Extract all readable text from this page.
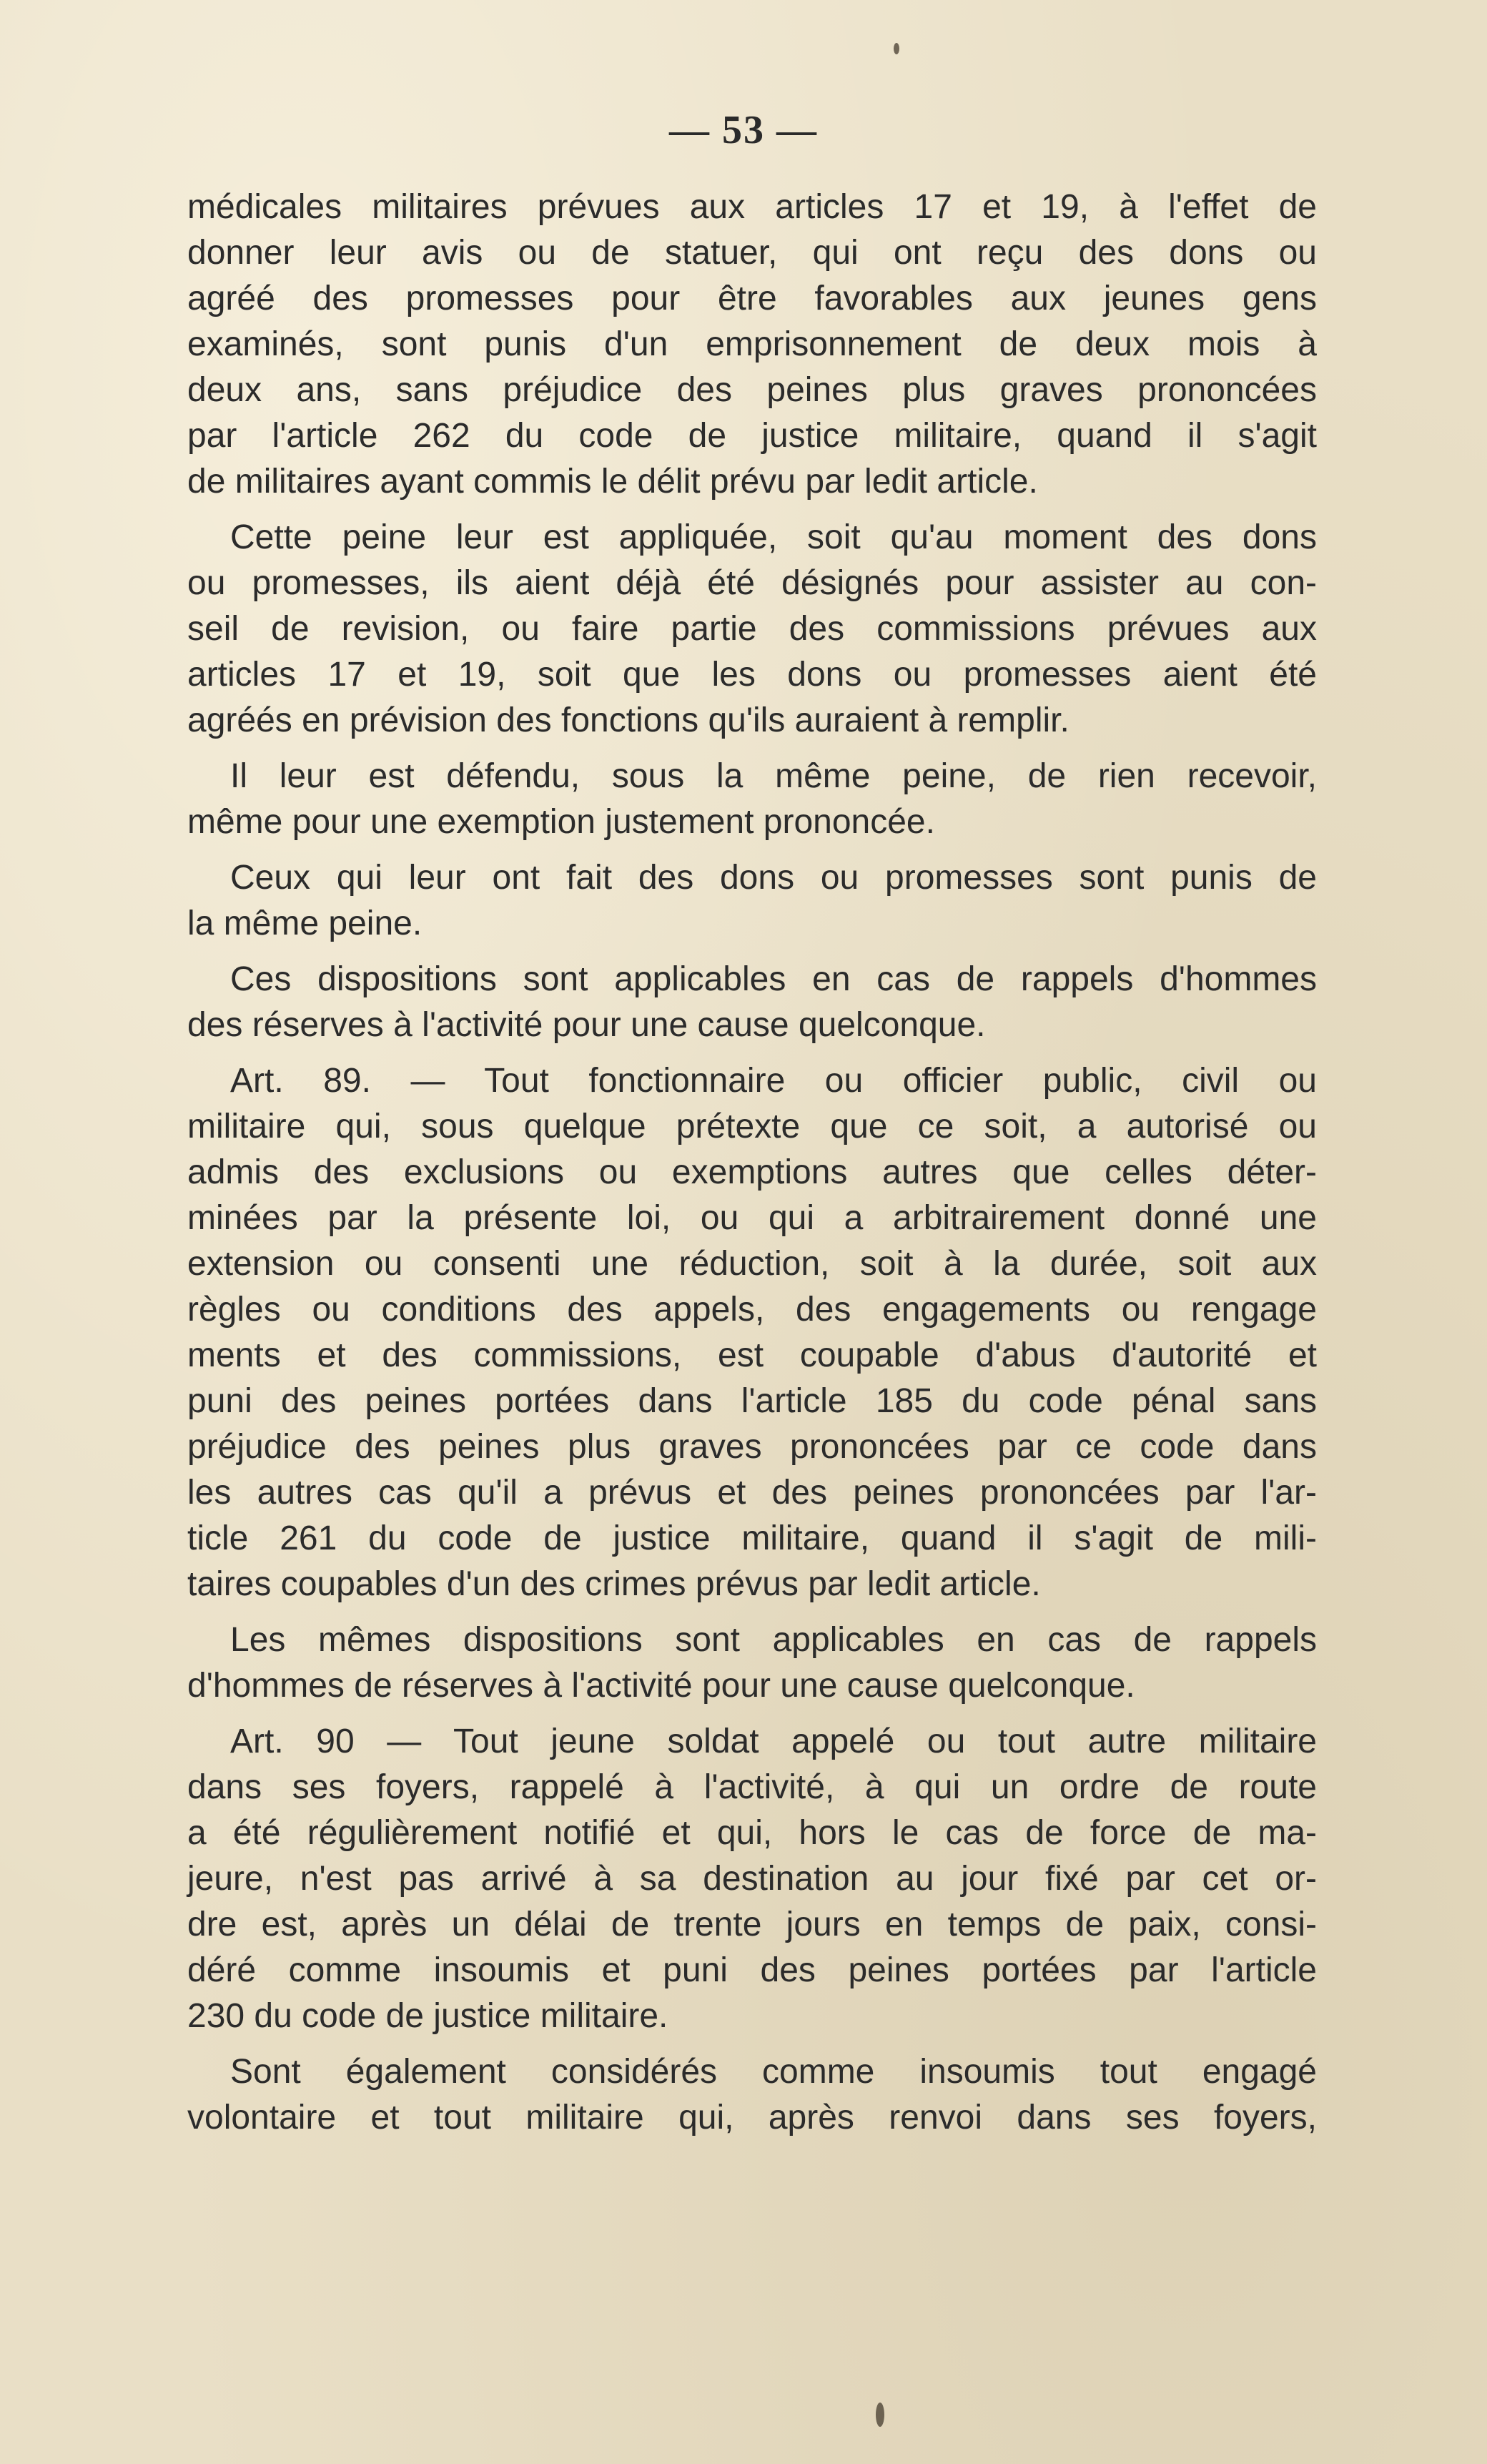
— 53 —
médicales militaires prévues aux articles 17 et 19, à l'effet de
donner leur avis ou de statuer, qui ont reçu des dons ou
agréé des promesses pour être favorables aux jeunes gens
examinés, sont punis d'un emprisonnement de deux mois à
deux ans, sans préjudice des peines plus graves prononcées
par l'article 262 du code de justice militaire, quand il s'agit
de militaires ayant commis le délit prévu par ledit article.
Cette peine leur est appliquée, soit qu'au moment des dons
ou promesses, ils aient déjà été désignés pour assister au con-
seil de revision, ou faire partie des commissions prévues aux
articles 17 et 19, soit que les dons ou promesses aient été
agréés en prévision des fonctions qu'ils auraient à remplir.
Il leur est défendu, sous la même peine, de rien recevoir,
même pour une exemption justement prononcée.
Ceux qui leur ont fait des dons ou promesses sont punis de
la même peine.
Ces dispositions sont applicables en cas de rappels d'hommes
des réserves à l'activité pour une cause quelconque.
Art. 89. — Tout fonctionnaire ou officier public, civil ou
militaire qui, sous quelque prétexte que ce soit, a autorisé ou
admis des exclusions ou exemptions autres que celles déter-
minées par la présente loi, ou qui a arbitrairement donné une
extension ou consenti une réduction, soit à la durée, soit aux
règles ou conditions des appels, des engagements ou rengage
ments et des commissions, est coupable d'abus d'autorité et
puni des peines portées dans l'article 185 du code pénal sans
préjudice des peines plus graves prononcées par ce code dans
les autres cas qu'il a prévus et des peines prononcées par l'ar-
ticle 261 du code de justice militaire, quand il s'agit de mili-
taires coupables d'un des crimes prévus par ledit article.
Les mêmes dispositions sont applicables en cas de rappels
d'hommes de réserves à l'activité pour une cause quelconque.
Art. 90 — Tout jeune soldat appelé ou tout autre militaire
dans ses foyers, rappelé à l'activité, à qui un ordre de route
a été régulièrement notifié et qui, hors le cas de force de ma-
jeure, n'est pas arrivé à sa destination au jour fixé par cet or-
dre est, après un délai de trente jours en temps de paix, consi-
déré comme insoumis et puni des peines portées par l'article
230 du code de justice militaire.
Sont également considérés comme insoumis tout engagé
volontaire et tout militaire qui, après renvoi dans ses foyers,
